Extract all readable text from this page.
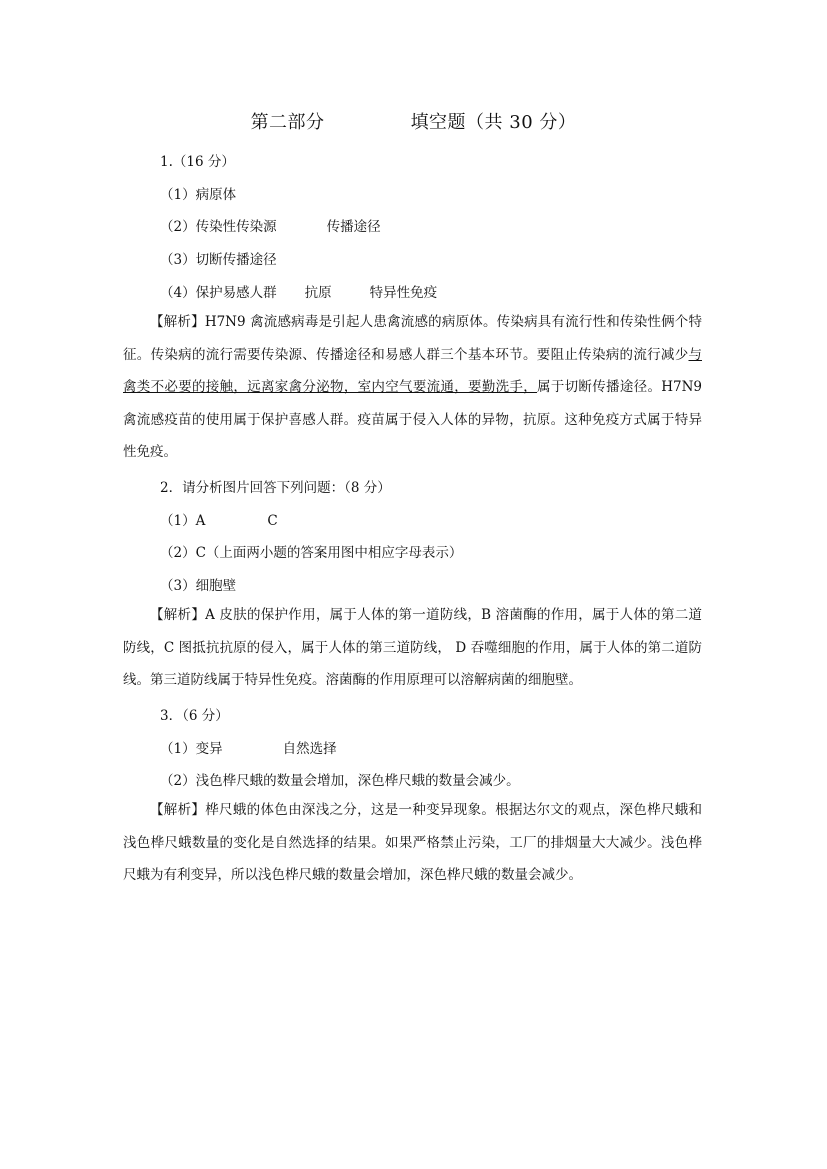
第二部分	填空题（共 30 分）
1.（16 分）
（1）病原体
（2）传染性传染源	传播途径
（3）切断传播途径
（4）保护易感人群 抗原	特异性免疫
【解析】H7N9 禽流感病毒是引起人患禽流感的病原体。传染病具有流行性和传染性俩个特征。传染病的流行需要传染源、传播途径和易感人群三个基本环节。要阻止传染病的流行减少与禽类不必要的接触，远离家禽分泌物，室内空气要流通，要勤洗手，属于切断传播途径。H7N9 禽流感疫苗的使用属于保护喜感人群。疫苗属于侵入人体的异物，抗原。这种免疫方式属于特异性免疫。
2．请分析图片回答下列问题：（8 分）
（1）A	C
（2）C（上面两小题的答案用图中相应字母表示）
（3）细胞壁
【解析】A 皮肤的保护作用，属于人体的第一道防线，B 溶菌酶的作用，属于人体的第二道防线，C 图抵抗抗原的侵入，属于人体的第三道防线， D 吞噬细胞的作用，属于人体的第二道防线。第三道防线属于特异性免疫。溶菌酶的作用原理可以溶解病菌的细胞壁。
3．（6 分）
（1）变异	自然选择
（2）浅色桦尺蛾的数量会增加，深色桦尺蛾的数量会减少。
【解析】桦尺蛾的体色由深浅之分，这是一种变异现象。根据达尔文的观点，深色桦尺蛾和浅色桦尺蛾数量的变化是自然选择的结果。如果严格禁止污染，工厂的排烟量大大减少。浅色桦尺蛾为有利变异，所以浅色桦尺蛾的数量会增加，深色桦尺蛾的数量会减少。
